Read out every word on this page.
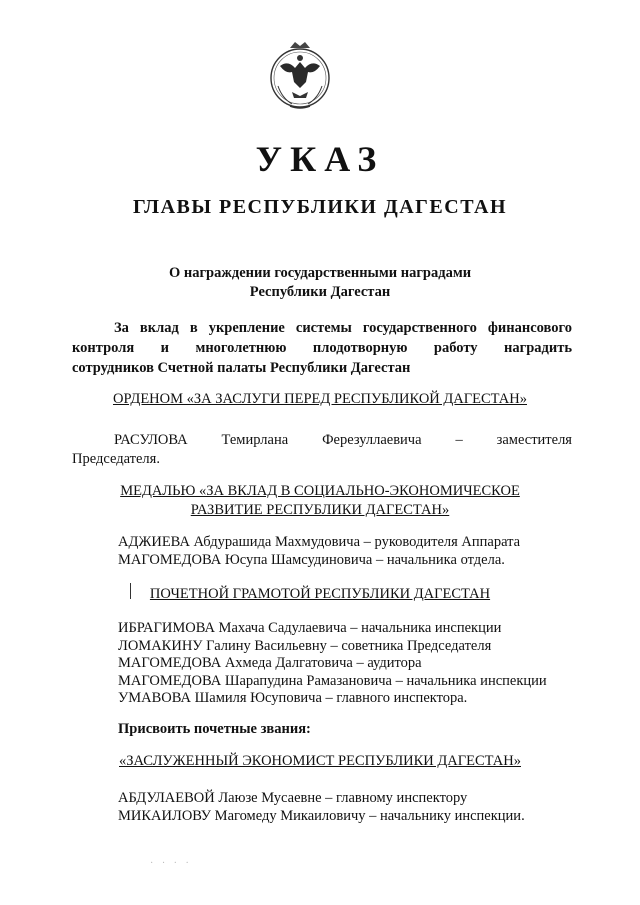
УКАЗ
ГЛАВЫ РЕСПУБЛИКИ ДАГЕСТАН
О награждении государственными наградами
Республики Дагестан
За вклад в укрепление системы государственного финансового
контроля и многолетнюю плодотворную работу наградить
сотрудников Счетной палаты Республики Дагестан
ОРДЕНОМ «ЗА ЗАСЛУГИ ПЕРЕД РЕСПУБЛИКОЙ ДАГЕСТАН»
РАСУЛОВА Темирлана Ферезуллаевича – заместителя
Председателя.
МЕДАЛЬЮ «ЗА ВКЛАД В СОЦИАЛЬНО-ЭКОНОМИЧЕСКОЕ
РАЗВИТИЕ РЕСПУБЛИКИ ДАГЕСТАН»
АДЖИЕВА Абдурашида Махмудовича – руководителя Аппарата
МАГОМЕДОВА Юсупа Шамсудиновича – начальника отдела.
ПОЧЕТНОЙ ГРАМОТОЙ РЕСПУБЛИКИ ДАГЕСТАН
ИБРАГИМОВА Махача Садулаевича – начальника инспекции
ЛОМАКИНУ Галину Васильевну – советника Председателя
МАГОМЕДОВА Ахмеда Далгатовича – аудитора
МАГОМЕДОВА Шарапудина Рамазановича – начальника инспекции
УМАВОВА Шамиля Юсуповича – главного инспектора.
Присвоить почетные звания:
«ЗАСЛУЖЕННЫЙ ЭКОНОМИСТ РЕСПУБЛИКИ ДАГЕСТАН»
АБДУЛАЕВОЙ Лаюзе Мусаевне – главному инспектору
МИКАИЛОВУ Магомеду Микаиловичу – начальнику инспекции.
· · · ·
